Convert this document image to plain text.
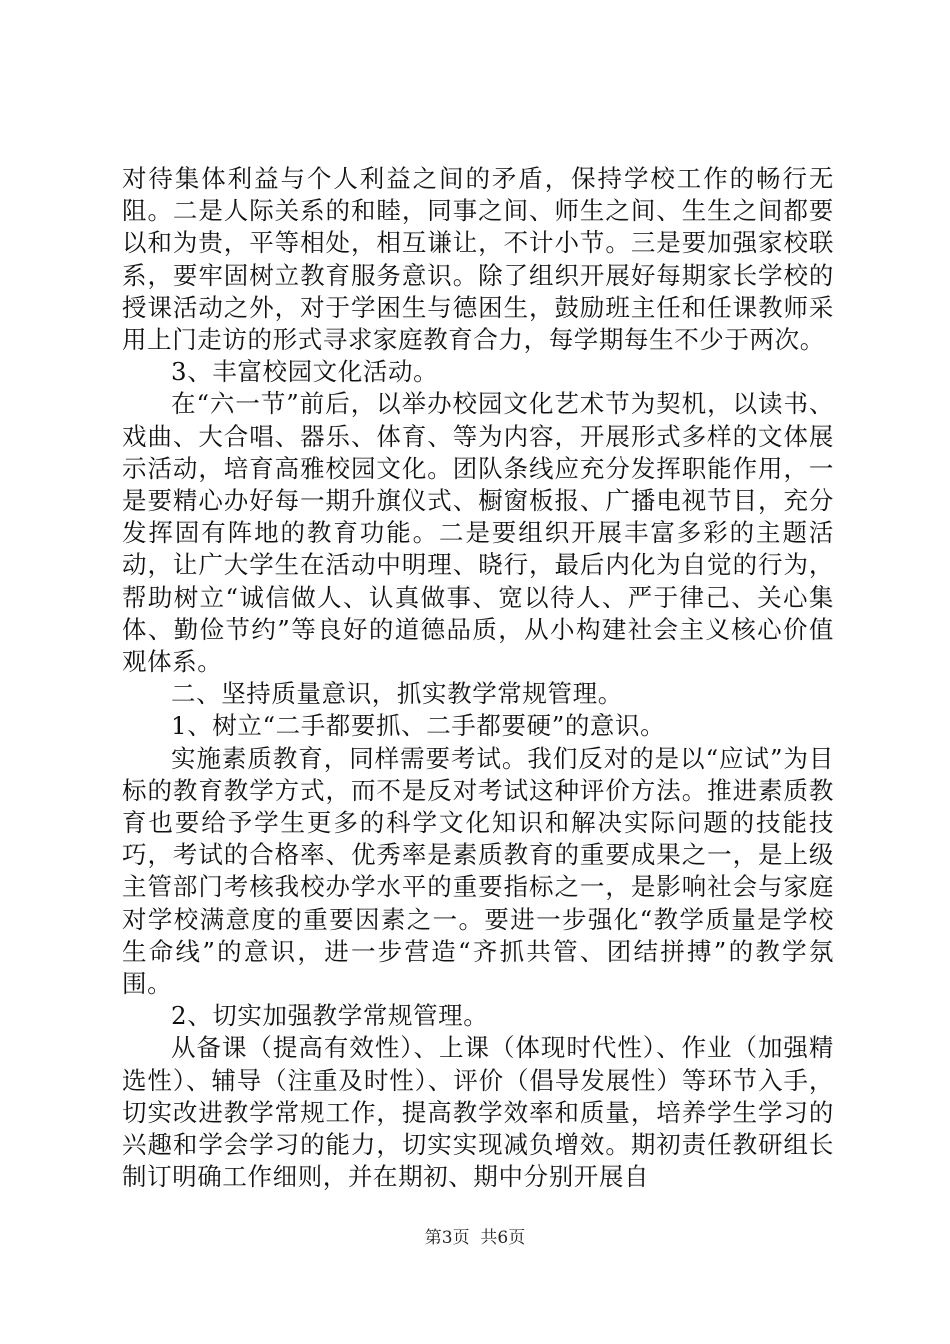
对待集体利益与个人利益之间的矛盾，保持学校工作的畅行无阻。二是人际关系的和睦，同事之间、师生之间、生生之间都要以和为贵，平等相处，相互谦让，不计小节。三是要加强家校联系，要牢固树立教育服务意识。除了组织开展好每期家长学校的授课活动之外，对于学困生与德困生，鼓励班主任和任课教师采用上门走访的形式寻求家庭教育合力，每学期每生不少于两次。

3、丰富校园文化活动。

在“六一节”前后，以举办校园文化艺术节为契机，以读书、戏曲、大合唱、器乐、体育、等为内容，开展形式多样的文体展示活动，培育高雅校园文化。团队条线应充分发挥职能作用，一是要精心办好每一期升旗仪式、橱窗板报、广播电视节目，充分发挥固有阵地的教育功能。二是要组织开展丰富多彩的主题活动，让广大学生在活动中明理、晓行，最后内化为自觉的行为，帮助树立“诚信做人、认真做事、宽以待人、严于律己、关心集体、勤俭节约”等良好的道德品质，从小构建社会主义核心价值观体系。

二、坚持质量意识，抓实教学常规管理。

1、树立“二手都要抓、二手都要硬”的意识。

实施素质教育，同样需要考试。我们反对的是以“应试”为目标的教育教学方式，而不是反对考试这种评价方法。推进素质教育也要给予学生更多的科学文化知识和解决实际问题的技能技巧，考试的合格率、优秀率是素质教育的重要成果之一，是上级主管部门考核我校办学水平的重要指标之一，是影响社会与家庭对学校满意度的重要因素之一。要进一步强化“教学质量是学校生命线”的意识，进一步营造“齐抓共管、团结拼搏”的教学氛围。

2、切实加强教学常规管理。

从备课（提高有效性）、上课（体现时代性）、作业（加强精选性）、辅导（注重及时性）、评价（倡导发展性）等环节入手，切实改进教学常规工作，提高教学效率和质量，培养学生学习的兴趣和学会学习的能力，切实实现减负增效。期初责任教研组长制订明确工作细则，并在期初、期中分别开展自

第3页  共6页
